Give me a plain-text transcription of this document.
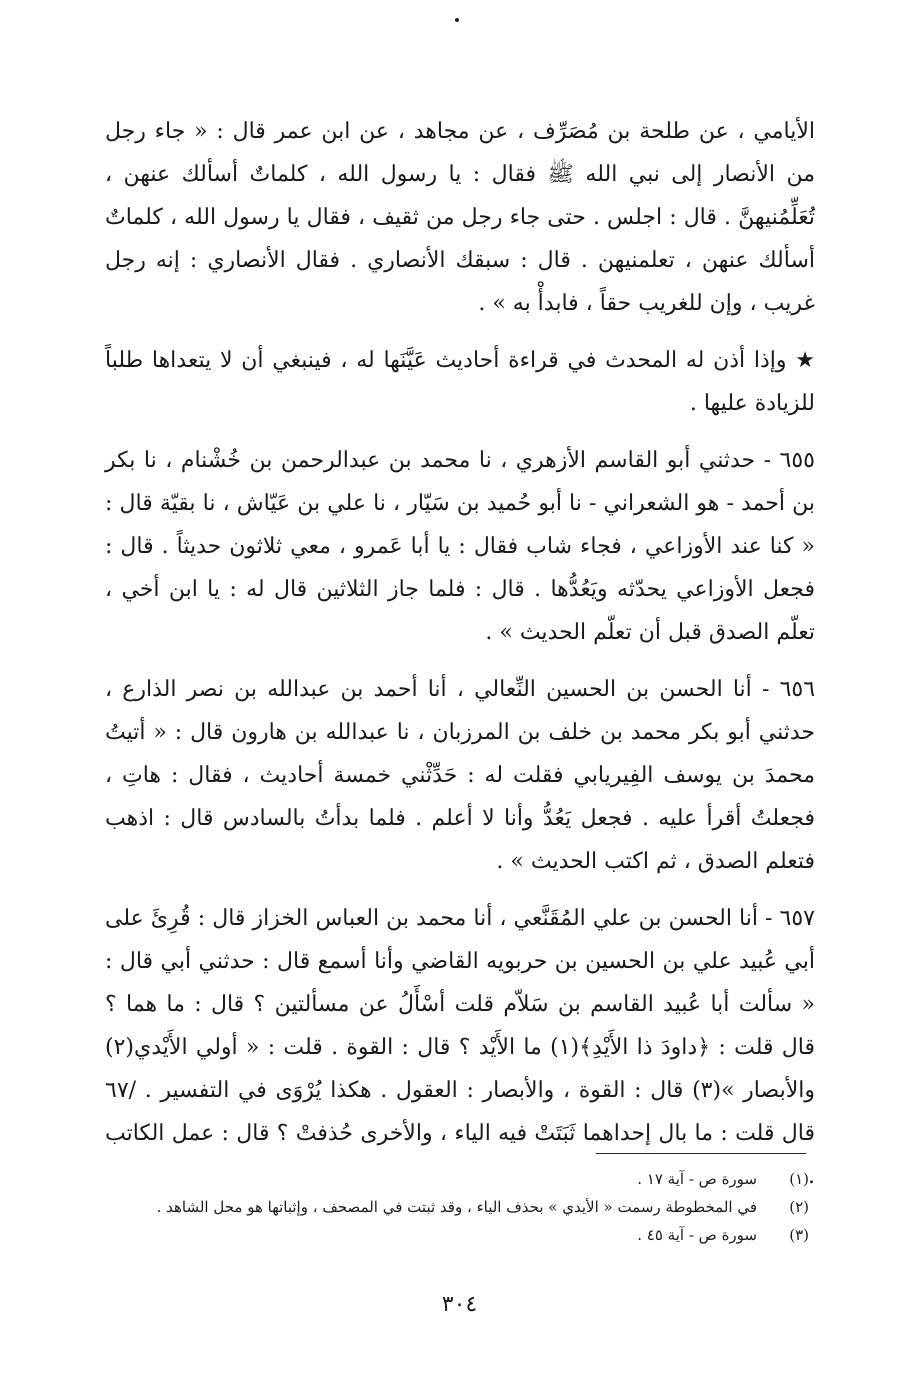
الأيامي ، عن طلحة بن مُصَرِّف ، عن مجاهد ، عن ابن عمر قال : « جاء رجل من الأنصار إلى نبي الله ﷺ فقال : يا رسول الله ، كلماتٌ أسألك عنهن ، تُعَلِّمُنيهنَّ . قال : اجلس . حتى جاء رجل من ثقيف ، فقال يا رسول الله ، كلماتٌ أسألك عنهن ، تعلمنيهن . قال : سبقك الأنصاري . فقال الأنصاري : إنه رجل غريب ، وإن للغريب حقاً ، فابدأْ به » .

★ وإذا أذن له المحدث في قراءة أحاديث عَيَّنَها له ، فينبغي أن لا يتعداها طلباً للزيادة عليها .

٦٥٥ - حدثني أبو القاسم الأزهري ، نا محمد بن عبدالرحمن بن خُشْنام ، نا بكر بن أحمد - هو الشعراني - نا أبو حُميد بن سَيّار ، نا علي بن عَيّاش ، نا بقيّة قال : « كنا عند الأوزاعي ، فجاء شاب فقال : يا أبا عَمرو ، معي ثلاثون حديثاً . قال : فجعل الأوزاعي يحدّثه ويَعُدُّها . قال : فلما جاز الثلاثين قال له : يا ابن أخي ، تعلّم الصدق قبل أن تعلّم الحديث » .

٦٥٦ - أنا الحسن بن الحسين النِّعالي ، أنا أحمد بن عبدالله بن نصر الذارع ، حدثني أبو بكر محمد بن خلف بن المرزبان ، نا عبدالله بن هارون قال : « أتيتُ محمدَ بن يوسف الفِيريابي فقلت له : حَدِّثْني خمسة أحاديث ، فقال : هاتِ ، فجعلتُ أقرأ عليه . فجعل يَعُدُّ وأنا لا أعلم . فلما بدأتُ بالسادس قال : اذهب فتعلم الصدق ، ثم اكتب الحديث » .

٦٥٧ - أنا الحسن بن علي المُقَنَّعي ، أنا محمد بن العباس الخزاز قال : قُرِئَ على أبي عُبيد علي بن الحسين بن حربويه القاضي وأنا أسمع قال : حدثني أبي قال : « سألت أبا عُبيد القاسم بن سَلاّم قلت أسْأَلُ عن مسألتين ؟ قال : ما هما ؟ قال قلت : ﴿داودَ ذا الأَيْدِ﴾(١) ما الأَيْد ؟ قال : القوة . قلت : « أولي الأَيْدي(٢) والأبصار »(٣) قال : القوة ، والأبصار : العقول . هكذا يُرْوَى في التفسير . /٦٧ قال قلت : ما بال إحداهما ثَبَتَتْ فيه الياء ، والأخرى حُذفتْ ؟ قال : عمل الكاتب .

(١)
سورة ص - آية ١٧ .
(٢)
في المخطوطة رسمت « الأيدي » بحذف الياء ، وقد ثبتت في المصحف ، وإثباتها هو محل الشاهد .
(٣)
سورة ص - آية ٤٥ .
٣٠٤
